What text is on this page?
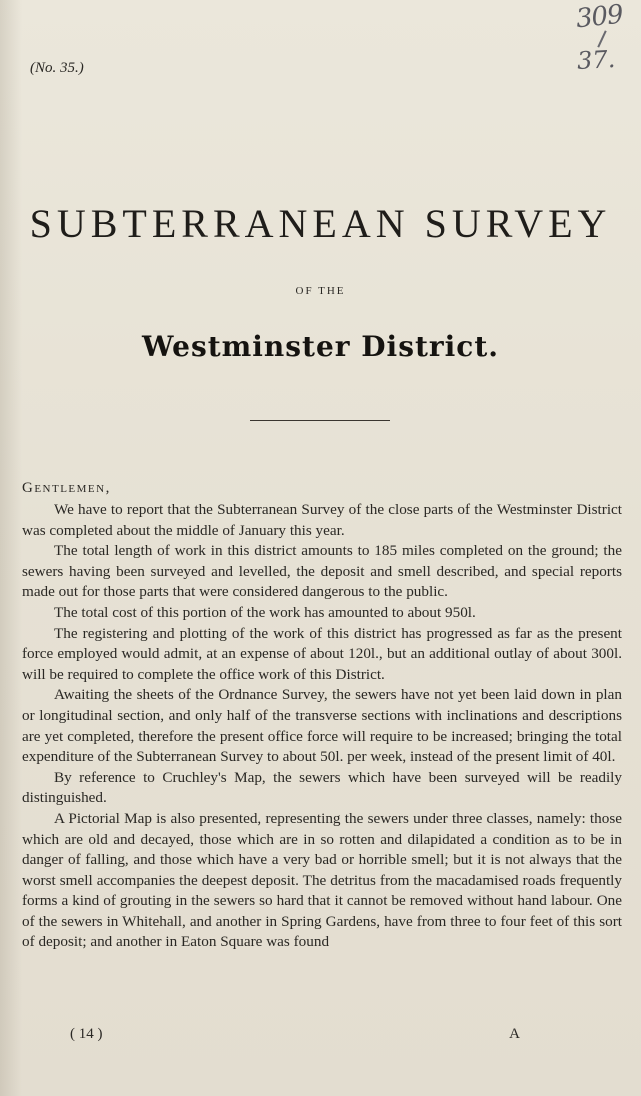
(No. 35.)
309
37.
SUBTERRANEAN SURVEY
OF THE
Westminster District.
Gentlemen,

We have to report that the Subterranean Survey of the close parts of the Westminster District was completed about the middle of January this year.

The total length of work in this district amounts to 185 miles completed on the ground; the sewers having been surveyed and levelled, the deposit and smell described, and special reports made out for those parts that were considered dangerous to the public.

The total cost of this portion of the work has amounted to about 950l.

The registering and plotting of the work of this district has progressed as far as the present force employed would admit, at an expense of about 120l., but an additional outlay of about 300l. will be required to complete the office work of this District.

Awaiting the sheets of the Ordnance Survey, the sewers have not yet been laid down in plan or longitudinal section, and only half of the transverse sections with inclinations and descriptions are yet completed, therefore the present office force will require to be increased; bringing the total expenditure of the Subterranean Survey to about 50l. per week, instead of the present limit of 40l.

By reference to Cruchley's Map, the sewers which have been surveyed will be readily distinguished.

A Pictorial Map is also presented, representing the sewers under three classes, namely: those which are old and decayed, those which are in so rotten and dilapidated a condition as to be in danger of falling, and those which have a very bad or horrible smell; but it is not always that the worst smell accompanies the deepest deposit. The detritus from the macadamised roads frequently forms a kind of grouting in the sewers so hard that it cannot be removed without hand labour. One of the sewers in Whitehall, and another in Spring Gardens, have from three to four feet of this sort of deposit; and another in Eaton Square was found

( 14 )	A
